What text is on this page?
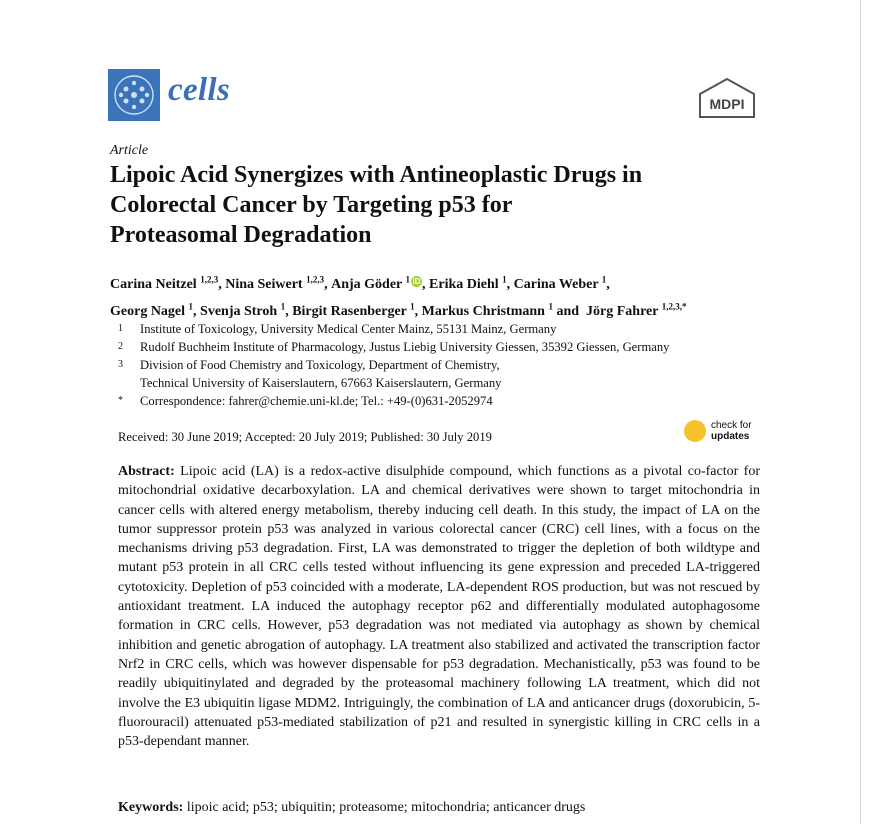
cells	MDPI
Article
Lipoic Acid Synergizes with Antineoplastic Drugs in
Colorectal Cancer by Targeting p53 for
Proteasomal Degradation
Carina Neitzel $^{1,2,3}$, Nina Seiwert $^{1,2,3}$, Anja Göder $^1$ iD , Erika Diehl $^1$, Carina Weber $^1$,
Georg Nagel $^1$, Svenja Stroh $^1$, Birgit Rasenberger $^1$, Markus Christmann $^1$ and  Jörg Fahrer $^{1,2,3,*}$
1	Institute of Toxicology, University Medical Center Mainz, 55131 Mainz, Germany
2	Rudolf Buchheim Institute of Pharmacology, Justus Liebig University Giessen, 35392 Giessen, Germany
3	Division of Food Chemistry and Toxicology, Department of Chemistry,
Technical University of Kaiserslautern, 67663 Kaiserslautern, Germany
*	Correspondence: fahrer@chemie.uni-kl.de; Tel.: +49-(0)631-2052974
Received: 30 June 2019; Accepted: 20 July 2019; Published: 30 July 2019
check for
updates
Abstract: Lipoic acid (LA) is a redox-active disulphide compound, which functions as a pivotal co-factor for mitochondrial oxidative decarboxylation. LA and chemical derivatives were shown to target mitochondria in cancer cells with altered energy metabolism, thereby inducing cell death. In this study, the impact of LA on the tumor suppressor protein p53 was analyzed in various colorectal cancer (CRC) cell lines, with a focus on the mechanisms driving p53 degradation. First, LA was demonstrated to trigger the depletion of both wildtype and mutant p53 protein in all CRC cells tested without influencing its gene expression and preceded LA-triggered cytotoxicity. Depletion of p53 coincided with a moderate, LA-dependent ROS production, but was not rescued by antioxidant treatment. LA induced the autophagy receptor p62 and differentially modulated autophagosome formation in CRC cells. However, p53 degradation was not mediated via autophagy as shown by chemical inhibition and genetic abrogation of autophagy. LA treatment also stabilized and activated the transcription factor Nrf2 in CRC cells, which was however dispensable for p53 degradation. Mechanistically, p53 was found to be readily ubiquitinylated and degraded by the proteasomal machinery following LA treatment, which did not involve the E3 ubiquitin ligase MDM2. Intriguingly, the combination of LA and anticancer drugs (doxorubicin, 5-fluorouracil) attenuated p53-mediated stabilization of p21 and resulted in synergistic killing in CRC cells in a p53-dependant manner.
Keywords: lipoic acid; p53; ubiquitin; proteasome; mitochondria; anticancer drugs
